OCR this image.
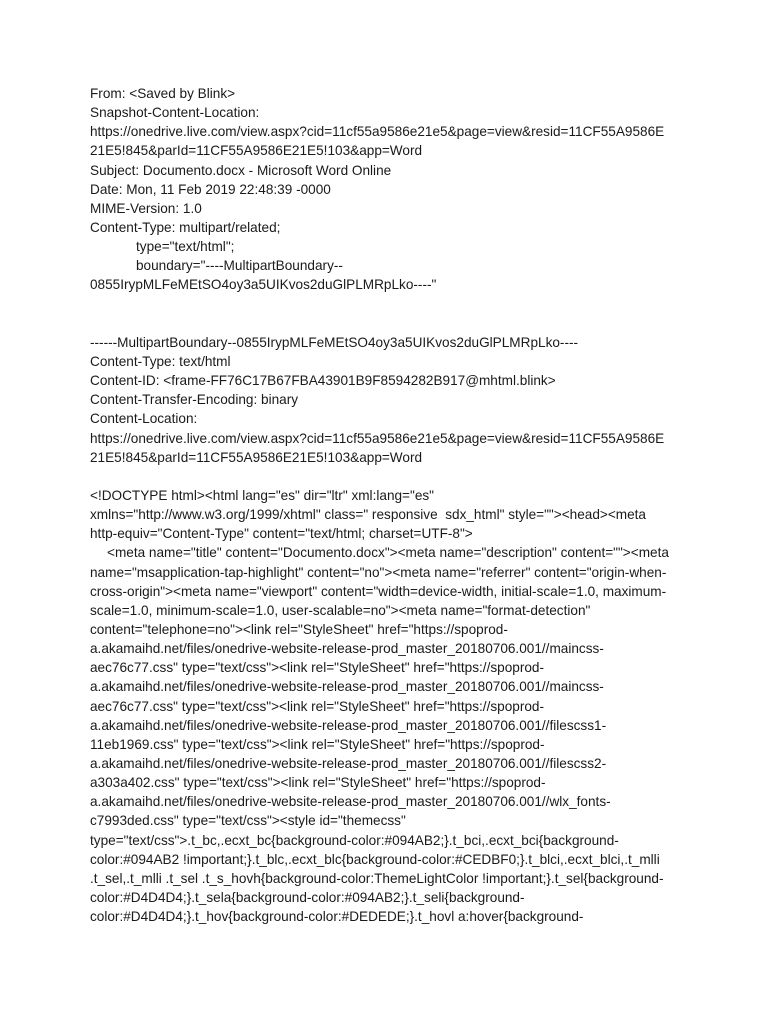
From: <Saved by Blink>
Snapshot-Content-Location:
https://onedrive.live.com/view.aspx?cid=11cf55a9586e21e5&page=view&resid=11CF55A9586E
21E5!845&parId=11CF55A9586E21E5!103&app=Word
Subject: Documento.docx - Microsoft Word Online
Date: Mon, 11 Feb 2019 22:48:39 -0000
MIME-Version: 1.0
Content-Type: multipart/related;
type="text/html";
boundary="----MultipartBoundary--
0855IrypMLFeMEtSO4oy3a5UIKvos2duGlPLMRpLko----"
------MultipartBoundary--0855IrypMLFeMEtSO4oy3a5UIKvos2duGlPLMRpLko----
Content-Type: text/html
Content-ID: <frame-FF76C17B67FBA43901B9F8594282B917@mhtml.blink>
Content-Transfer-Encoding: binary
Content-Location:
https://onedrive.live.com/view.aspx?cid=11cf55a9586e21e5&page=view&resid=11CF55A9586E
21E5!845&parId=11CF55A9586E21E5!103&app=Word
<!DOCTYPE html><html lang="es" dir="ltr" xml:lang="es"
xmlns="http://www.w3.org/1999/xhtml" class=" responsive  sdx_html" style=""><head><meta
http-equiv="Content-Type" content="text/html; charset=UTF-8">
<meta name="title" content="Documento.docx"><meta name="description" content=""><meta
name="msapplication-tap-highlight" content="no"><meta name="referrer" content="origin-when-
cross-origin"><meta name="viewport" content="width=device-width, initial-scale=1.0, maximum-
scale=1.0, minimum-scale=1.0, user-scalable=no"><meta name="format-detection"
content="telephone=no"><link rel="StyleSheet" href="https://spoprod-
a.akamaihd.net/files/onedrive-website-release-prod_master_20180706.001//maincss-
aec76c77.css" type="text/css"><link rel="StyleSheet" href="https://spoprod-
a.akamaihd.net/files/onedrive-website-release-prod_master_20180706.001//maincss-
aec76c77.css" type="text/css"><link rel="StyleSheet" href="https://spoprod-
a.akamaihd.net/files/onedrive-website-release-prod_master_20180706.001//filescss1-
11eb1969.css" type="text/css"><link rel="StyleSheet" href="https://spoprod-
a.akamaihd.net/files/onedrive-website-release-prod_master_20180706.001//filescss2-
a303a402.css" type="text/css"><link rel="StyleSheet" href="https://spoprod-
a.akamaihd.net/files/onedrive-website-release-prod_master_20180706.001//wlx_fonts-
c7993ded.css" type="text/css"><style id="themecss"
type="text/css">.t_bc,.ecxt_bc{background-color:#094AB2;}.t_bci,.ecxt_bci{background-
color:#094AB2 !important;}.t_blc,.ecxt_blc{background-color:#CEDBF0;}.t_blci,.ecxt_blci,.t_mlli
.t_sel,.t_mlli .t_sel .t_s_hovh{background-color:ThemeLightColor !important;}.t_sel{background-
color:#D4D4D4;}.t_sela{background-color:#094AB2;}.t_seli{background-
color:#D4D4D4;}.t_hov{background-color:#DEDEDE;}.t_hovl a:hover{background-
